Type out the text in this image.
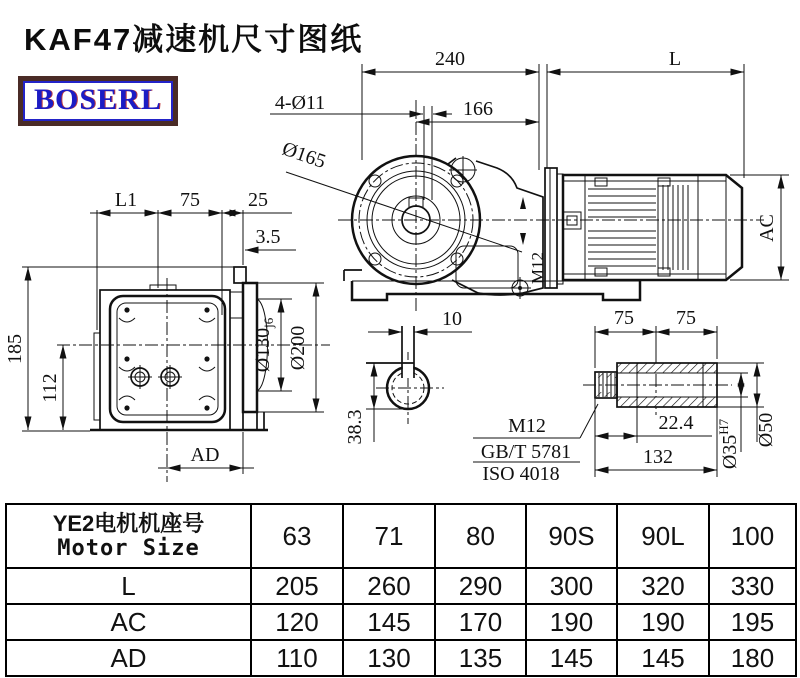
KAF47减速机尺寸图纸
BOSERL
240	L
166
4-Ø11
Ø165
AC
M12
L1 75 25
3.5
185
112
AD
$Ø130_{j6}$
Ø200
10
38.3
75 75
22.4
132 $Ø35^{H7}$	Ø50
M12
GB/T 5781
ISO 4018
YE2电机机座号
Motor Size	63	71	80	90S	90L	100
L	205	260	290	300	320	330
AC	120	145	170	190	190	195
AD	110	130	135	145	145	180
